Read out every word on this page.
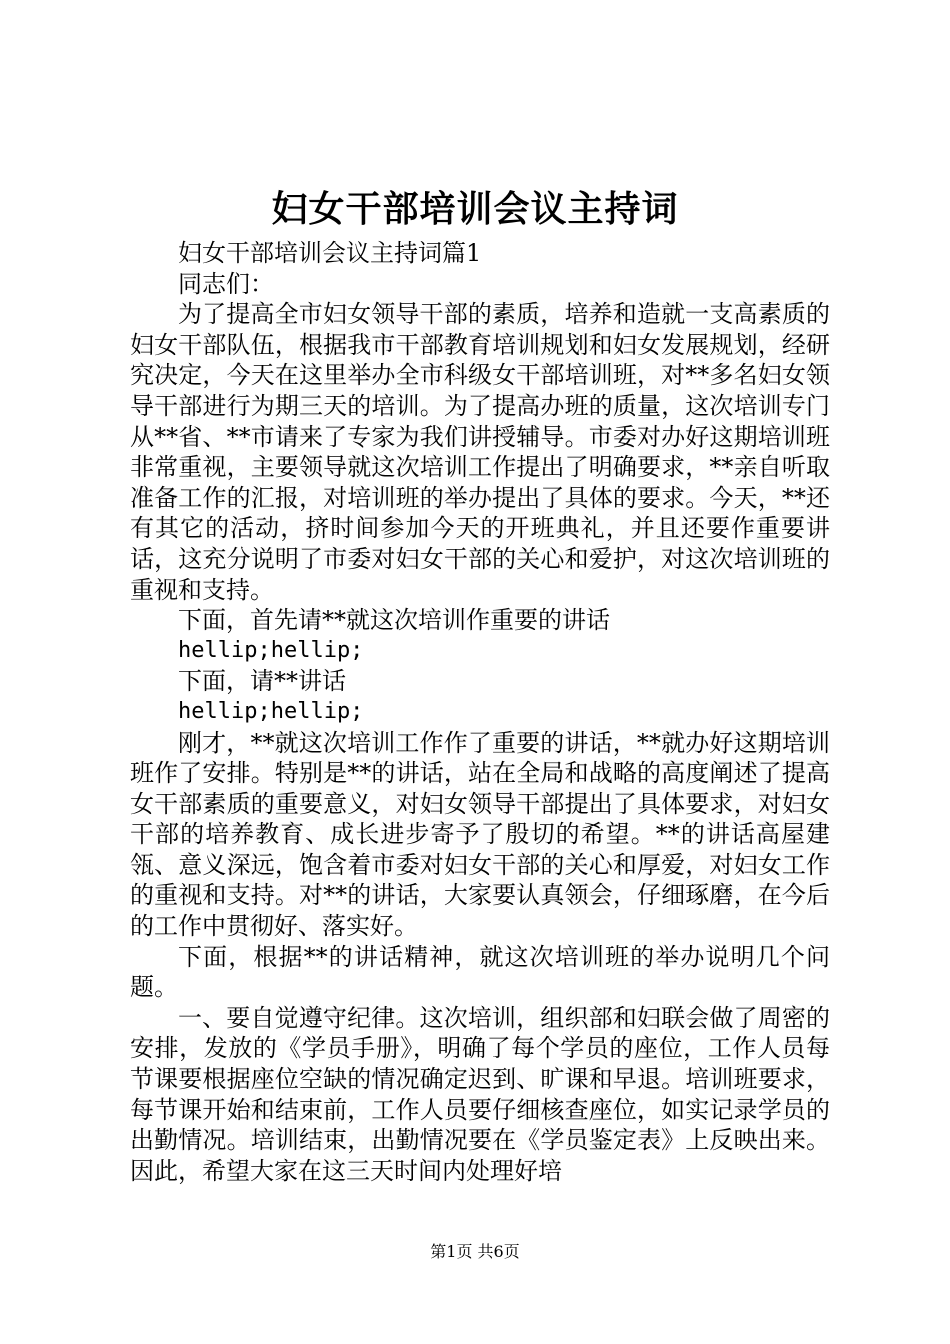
妇女干部培训会议主持词

妇女干部培训会议主持词篇1

同志们：

为了提高全市妇女领导干部的素质，培养和造就一支高素质的妇女干部队伍，根据我市干部教育培训规划和妇女发展规划，经研究决定，今天在这里举办全市科级女干部培训班，对**多名妇女领导干部进行为期三天的培训。为了提高办班的质量，这次培训专门从**省、**市请来了专家为我们讲授辅导。市委对办好这期培训班非常重视，主要领导就这次培训工作提出了明确要求，**亲自听取准备工作的汇报，对培训班的举办提出了具体的要求。今天，**还有其它的活动，挤时间参加今天的开班典礼，并且还要作重要讲话，这充分说明了市委对妇女干部的关心和爱护，对这次培训班的重视和支持。

下面，首先请**就这次培训作重要的讲话

hellip;hellip;

下面，请**讲话

hellip;hellip;

刚才，**就这次培训工作作了重要的讲话，**就办好这期培训班作了安排。特别是**的讲话，站在全局和战略的高度阐述了提高女干部素质的重要意义，对妇女领导干部提出了具体要求，对妇女干部的培养教育、成长进步寄予了殷切的希望。**的讲话高屋建瓴、意义深远，饱含着市委对妇女干部的关心和厚爱，对妇女工作的重视和支持。对**的讲话，大家要认真领会，仔细琢磨，在今后的工作中贯彻好、落实好。

下面，根据**的讲话精神，就这次培训班的举办说明几个问题。

一、要自觉遵守纪律。这次培训，组织部和妇联会做了周密的安排，发放的《学员手册》，明确了每个学员的座位，工作人员每节课要根据座位空缺的情况确定迟到、旷课和早退。培训班要求，每节课开始和结束前，工作人员要仔细核查座位，如实记录学员的出勤情况。培训结束，出勤情况要在《学员鉴定表》上反映出来。因此，希望大家在这三天时间内处理好培

第1页 共6页
